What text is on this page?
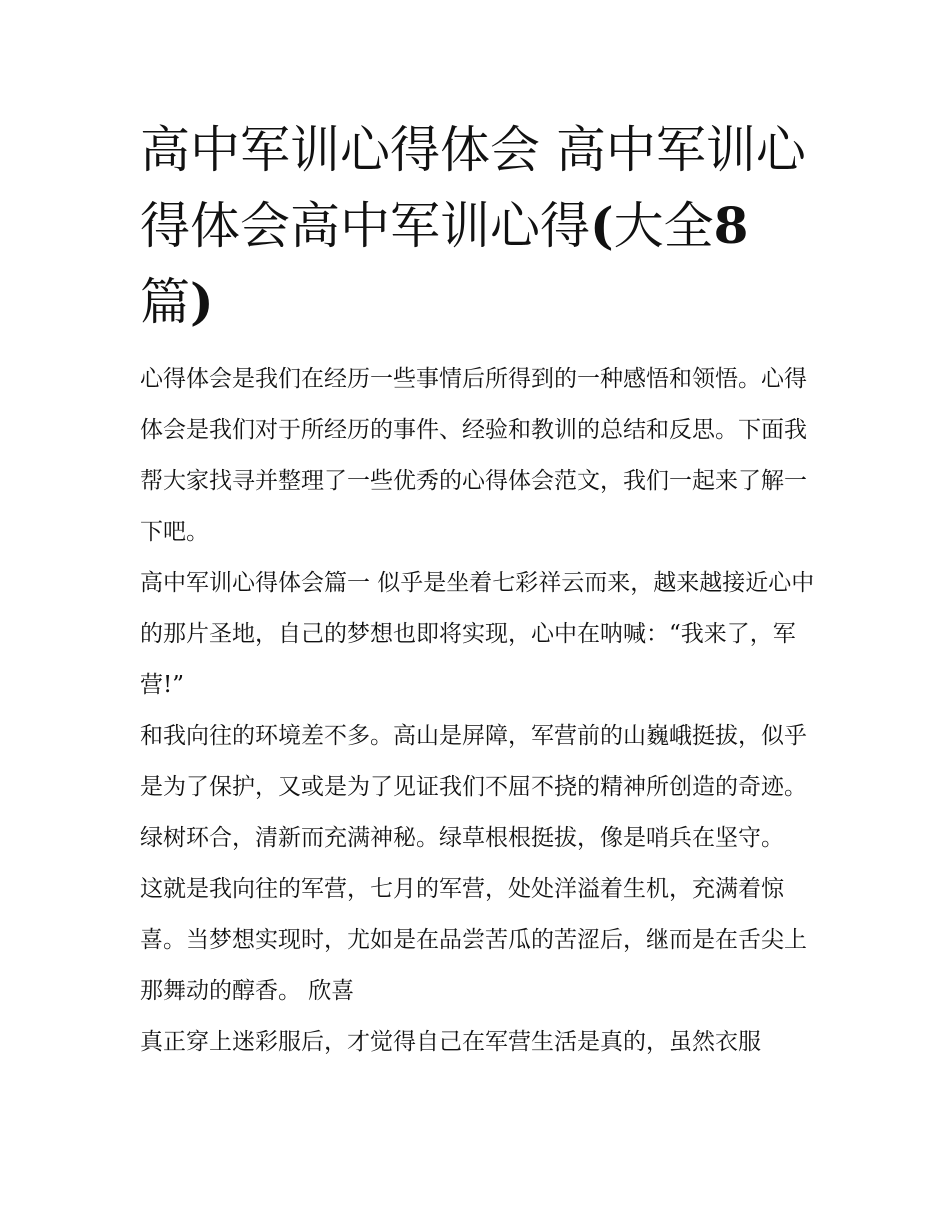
高中军训心得体会 高中军训心得体会高中军训心得(大全8篇)

心得体会是我们在经历一些事情后所得到的一种感悟和领悟。心得体会是我们对于所经历的事件、经验和教训的总结和反思。下面我帮大家找寻并整理了一些优秀的心得体会范文，我们一起来了解一下吧。

高中军训心得体会篇一 似乎是坐着七彩祥云而来，越来越接近心中的那片圣地，自己的梦想也即将实现，心中在呐喊：“我来了，军营!”

和我向往的环境差不多。高山是屏障，军营前的山巍峨挺拔，似乎是为了保护，又或是为了见证我们不屈不挠的精神所创造的奇迹。绿树环合，清新而充满神秘。绿草根根挺拔，像是哨兵在坚守。

这就是我向往的军营，七月的军营，处处洋溢着生机，充满着惊喜。当梦想实现时，尤如是在品尝苦瓜的苦涩后，继而是在舌尖上那舞动的醇香。 欣喜

真正穿上迷彩服后，才觉得自己在军营生活是真的，虽然衣服
